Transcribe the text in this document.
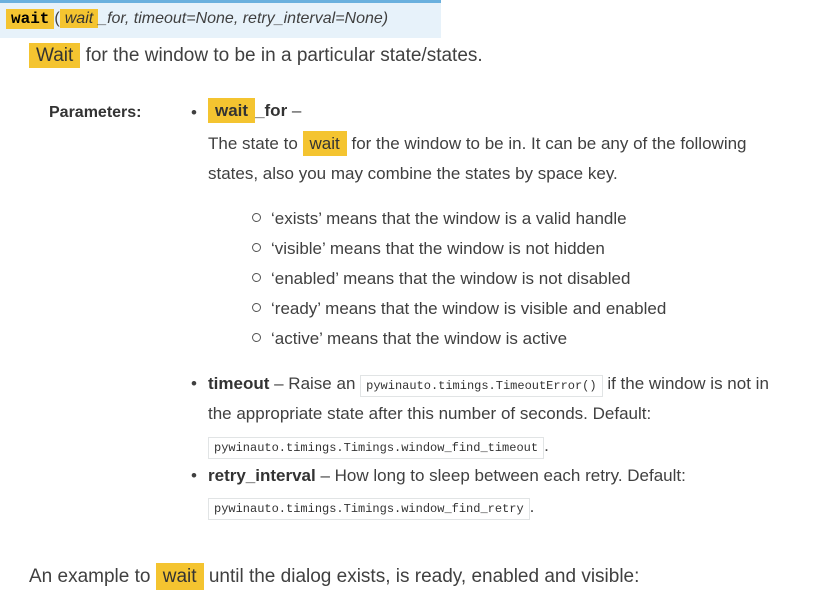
wait ( wait _for, timeout=None, retry_interval=None)
Wait for the window to be in a particular state/states.
Parameters:	•	wait _for –
The state to wait for the window to be in. It can be any of the following
states, also you may combine the states by space key.
‘exists’ means that the window is a valid handle
‘visible’ means that the window is not hidden
‘enabled’ means that the window is not disabled
‘ready’ means that the window is visible and enabled
‘active’ means that the window is active
• timeout – Raise an pywinauto.timings.TimeoutError() if the window is not in
the appropriate state after this number of seconds. Default:
pywinauto.timings.Timings.window_find_timeout .
• retry_interval – How long to sleep between each retry. Default:
pywinauto.timings.Timings.window_find_retry .
An example to wait until the dialog exists, is ready, enabled and visible:
